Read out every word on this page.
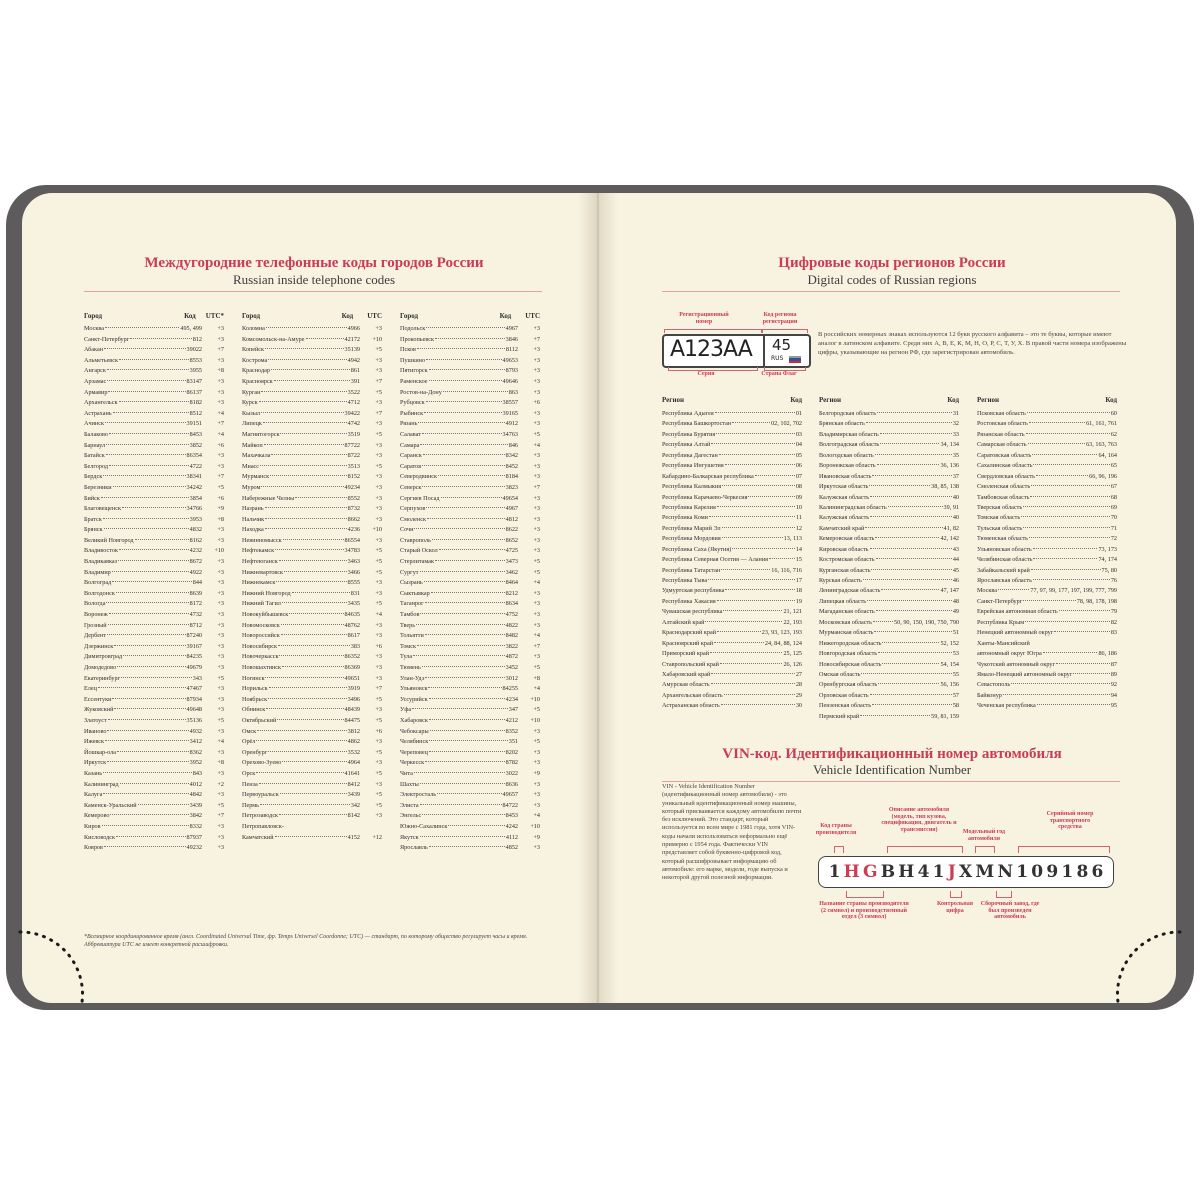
Междугородние телефонные коды городов России
Russian inside telephone codes
Город	Код UTC*
Москва	495, 499	+3
Санкт-Петербург	812	+3
Абакан	39022	+7
Альметьевск	8553	+3
Ангарск	3955	+8
Арзамас	83147	+3
Армавир	86137	+3
Архангельск	8182	+3
Астрахань	8512	+4
Ачинск	39151	+7
Балаково	8453	+4
Барнаул	3852	+6
Батайск	86354	+3
Белгород	4722	+3
Бердск	38341	+7
Березники	34242	+5
Бийск	3854	+6
Благовещенск	34766	+9
Братск	3953	+8
Брянск	4832	+3
Великий Новгород	8162	+3
Владивосток	4232	+10
Владикавказ	8672	+3
Владимир	4922	+3
Волгоград	844	+3
Волгодонск	8639	+3
Вологда	8172	+3
Воронеж	4732	+3
Грозный	8712	+3
Дербент	87240	+3
Дзержинск	39167	+3
Димитровград	84235	+3
Домодедово	49679	+3
Екатеринбург	343	+5
Елец	47467	+3
Ессентуки	87934	+3
Жуковский	49648	+3
Златоуст	35136	+5
Иваново	4932	+3
Ижевск	3412	+4
Йошкар-ола	8362	+3
Иркутск	3952	+8
Казань	843	+3
Калининград	4012	+2
Калуга	4842	+3
Каменск-Уральский	3439	+5
Кемерово	3842	+7
Киров	8332	+3
Кисловодск	87937	+3
Ковров	49232	+3
Город	Код UTC
Коломна	4966	+3
Комсомольск-на-Амуре	42172	+10
Копейск	35139	+5
Кострома	4942	+3
Краснодар	861	+3
Красноярск	391	+7
Курган	3522	+5
Курск	4712	+3
Кызыл	39422	+7
Липецк	4742	+3
Магнитогорск	3519	+5
Майкоп	87722	+3
Махачкала	8722	+3
Миасс	3513	+5
Мурманск	8152	+3
Муром	49234	+3
Набережные Челны	8552	+3
Назрань	8732	+3
Нальчик	8662	+3
Находка	4236	+10
Невинномысск	86554	+3
Нефтекамск	34783	+5
Нефтеюганск	3463	+5
Нижневартовск	3466	+5
Нижнекамск	8555	+3
Нижний Новгород	831	+3
Нижний Тагил	3435	+5
Новокуйбышевск	84635	+4
Новомосковск	48762	+3
Новороссийск	8617	+3
Новосибирск	383	+6
Новочеркасск	86352	+3
Новошахтинск	86369	+3
Ногинск	49651	+3
Норильск	3919	+7
Ноябрьск	3496	+5
Обнинск	48439	+3
Октябрьский	84475	+5
Омск	3812	+6
Орёл	4862	+3
Оренбург	3532	+5
Орехово-Зуево	4964	+3
Орск	41641	+5
Пенза	8412	+3
Первоуральск	3439	+5
Пермь	342	+5
Петрозаводск	8142	+3
Петропавловск-
Камчатский	4152	+12
Город	Код UTC
Подольск	4967	+3
Прокопьевск	3846	+7
Псков	8112	+3
Пушкино	49653	+3
Пятигорск	8793	+3
Раменское	49646	+3
Ростов-на-Дону	863	+3
Рубцовск	38557	+6
Рыбинск	39165	+3
Рязань	4912	+3
Салават	34763	+5
Самара	846	+4
Саранск	8342	+3
Саратов	8452	+3
Северодвинск	8184	+3
Северск	3823	+7
Сергиев Посад	49654	+3
Серпухов	4967	+3
Смоленск	4812	+3
Сочи	8622	+3
Ставрополь	8652	+3
Старый Оскол	4725	+3
Стерлитамак	3473	+5
Сургут	3462	+5
Сызрань	8464	+4
Сыктывкар	8212	+3
Таганрог	8634	+3
Тамбов	4752	+3
Тверь	4822	+3
Тольятти	8482	+4
Томск	3822	+7
Тула	4872	+3
Тюмень	3452	+5
Улан-Удэ	3012	+8
Ульяновск	84255	+4
Уссурийск	4234	+10
Уфа	347	+5
Хабаровск	4212	+10
Чебоксары	8352	+3
Челябинск	351	+5
Череповец	8202	+3
Черкесск	8782	+3
Чита	3022	+9
Шахты	8636	+3
Электросталь	49657	+3
Элиста	84722	+3
Энгельс	8453	+4
Южно-Сахалинск	4242	+10
Якутск	4112	+9
Ярославль	4852	+3
*Всемирное координированное время (англ. Coordinated Universal Time, фр. Temps Universel Coordonne; UTC) — стандарт, по которому общество регулирует часы и время. Аббревиатура UTC не имеет конкретной расшифровки.
Цифровые коды регионов России
Digital codes of Russian regions
Регистрационный номер
Код региона регистрации
A123AA 45
RUS
Серия	Страна Флаг
В российских номерных знаках используются 12 букв русского алфавита – это те буквы, которые имеют аналог в латинском алфавите. Среди них А, В, Е, К, М, Н, О, Р, С, Т, У, Х. В правой части номера изображены цифры, указывающие на регион РФ, где зарегистрирован автомобиль.
Регион	Код
Республика Адыгея	01
Республика Башкортостан	02, 102, 702
Республика Бурятия	03
Республика Алтай	04
Республика Дагестан	05
Республика Ингушетия	06
Кабардино-Балкарская республика	07
Республика Калмыкия	08
Республика Карачаево-Черкесия	09
Республика Карелия	10
Республика Коми	11
Республика Марий Эл	12
Республика Мордовия	13, 113
Республика Саха (Якутия)	14
Республика Северная Осетия — Алания	15
Республика Татарстан	16, 116, 716
Республика Тыва	17
Удмуртская республика	18
Республика Хакасия	19
Чувашская республика	21, 121
Алтайский край	22, 193
Краснодарский край	23, 93, 123, 193
Красноярский край	24, 84, 88, 124
Приморский край	25, 125
Ставропольский край	26, 126
Хабаровский край	27
Амурская область	28
Архангельская область	29
Астраханская область	30
Регион	Код
Белгородская область	31
Брянская область	32
Владимирская область	33
Волгоградская область	34, 134
Вологодская область	35
Воронежская область	36, 136
Ивановская область	37
Иркутская область	38, 85, 138
Калужская область	40
Калининградская область	39, 91
Калужская область	40
Камчатский край	41, 82
Кемеровская область	42, 142
Кировская область	43
Костромская область	44
Курганская область	45
Курская область	46
Ленинградская область	47, 147
Липецкая область	48
Магаданская область	49
Московская область	50, 90, 150, 190, 750, 790
Мурманская область	51
Нижегородская область	52, 152
Новгородская область	53
Новосибирская область	54, 154
Омская область	55
Оренбургская область	56, 156
Орловская область	57
Пензенская область	58
Пермский край	59, 81, 159
Регион	Код
Псковская область	60
Ростовская область	61, 161, 761
Рязанская область	62
Самарская область	63, 163, 763
Саратовская область	64, 164
Сахалинская область	65
Свердловская область	66, 96, 196
Смоленская область	67
Тамбовская область	68
Тверская область	69
Томская область	70
Тульская область	71
Тюменская область	72
Ульяновская область	73, 173
Челябинская область	74, 174
Забайкальский край	75, 80
Ярославская область	76
Москва	77, 97, 99, 177, 197, 199, 777, 799
Санкт-Петербург	78, 98, 178, 198
Еврейская автономная область	79
Республика Крым	82
Ненецкий автономный округ	83
Ханты-Мансийский
автономный округ Югра	86, 186
Чукотский автономный округ	87
Ямало-Ненецкий автономный округ	89
Севастополь	92
Байконур	94
Чеченская республика	95
VIN-код. Идентификационный номер автомобиля
Vehicle Identification Number
VIN - Vehicle Identification Number (идентификационный номер автомобиля) - это уникальный идентификационный номер машины, который присваивается каждому автомобилю почти без исключений. Это стандарт, который используется во всем мире с 1981 года, хотя VIN-коды начали использоваться неформально ещё примерно с 1954 года. Фактически VIN представляет собой буквенно-цифровой код, который расшифровывает информацию об автомобиле: его марке, модели, годе выпуска и некоторой другой полезной информации.
Код страны производителя
Описание автомобиля (модель, тип кузова, спецификация, двигатель и трансмиссия)	Модельный год автомобиля
Серийный номер транспортного средства
1 H G B H 4 1 J X M N 1 0 9 1 8 6
Название страны производителя (2 символ) и производственный отдел (3 символ)
Контрольная цифра
Сборочный завод, где был произведен автомобиль
